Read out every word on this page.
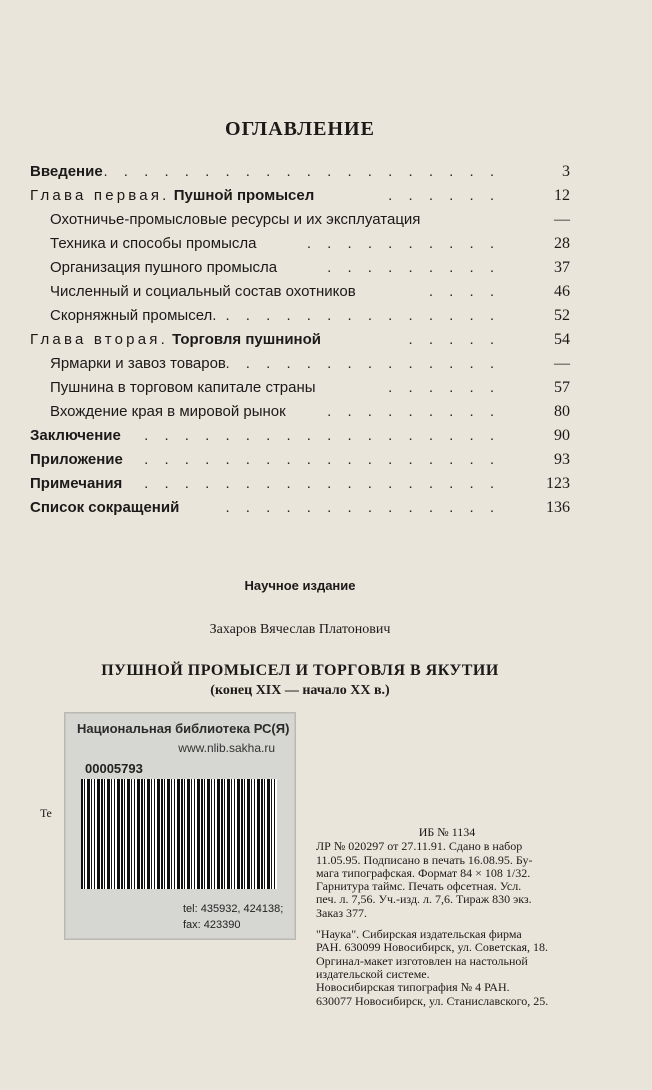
ОГЛАВЛЕНИЕ
Введение . . . . . . . . . . . . . . . . . . . .	3
Глава первая. Пушной промысел	. . . . . .	12
Охотничье-промысловые ресурсы и их эксплуатация	—
Техника и способы промысла	. . . . . . . . . .	28
Организация пушного промысла	. . . . . . . . .	37
Численный и социальный состав охотников	. . . .	46
Скорняжный промысел. . . . . . . . . . . . . . .	52
Глава вторая. Торговля пушниной	. . . . .	54
Ярмарки и завоз товаров . . . . . . . . . . . . . .	—
Пушнина в торговом капитале страны	. . . . . .	57
Вхождение края в мировой рынок	. . . . . . . . .	80
Заключение . . . . . . . . . . . . . . . . . .	90
Приложение . . . . . . . . . . . . . . . . . .	93
Примечания . . . . . . . . . . . . . . . . . .	123
Список сокращений	. . . . . . . . . . . . . .	136
Научное издание
Захаров Вячеслав Платонович
ПУШНОЙ ПРОМЫСЕЛ И ТОРГОВЛЯ В ЯКУТИИ
(конец XIX — начало XX в.)
Te
Национальная библиотека РС(Я)
www.nlib.sakha.ru
00005793
tel: 435932, 424138;
fax: 423390
ИБ № 1134
ЛР № 020297 от 27.11.91. Сдано в набор
11.05.95. Подписано в печать 16.08.95. Бу-
мага типографская. Формат 84 × 108 1/32.
Гарнитура таймс. Печать офсетная. Усл.
печ. л. 7,56. Уч.-изд. л. 7,6. Тираж 830 экз.
Заказ 377.
"Наука". Сибирская издательская фирма
РАН. 630099 Новосибирск, ул. Советская, 18.
Оргинал-макет изготовлен на настольной
издательской системе.
Новосибирская типография № 4 РАН.
630077 Новосибирск, ул. Станиславского, 25.
